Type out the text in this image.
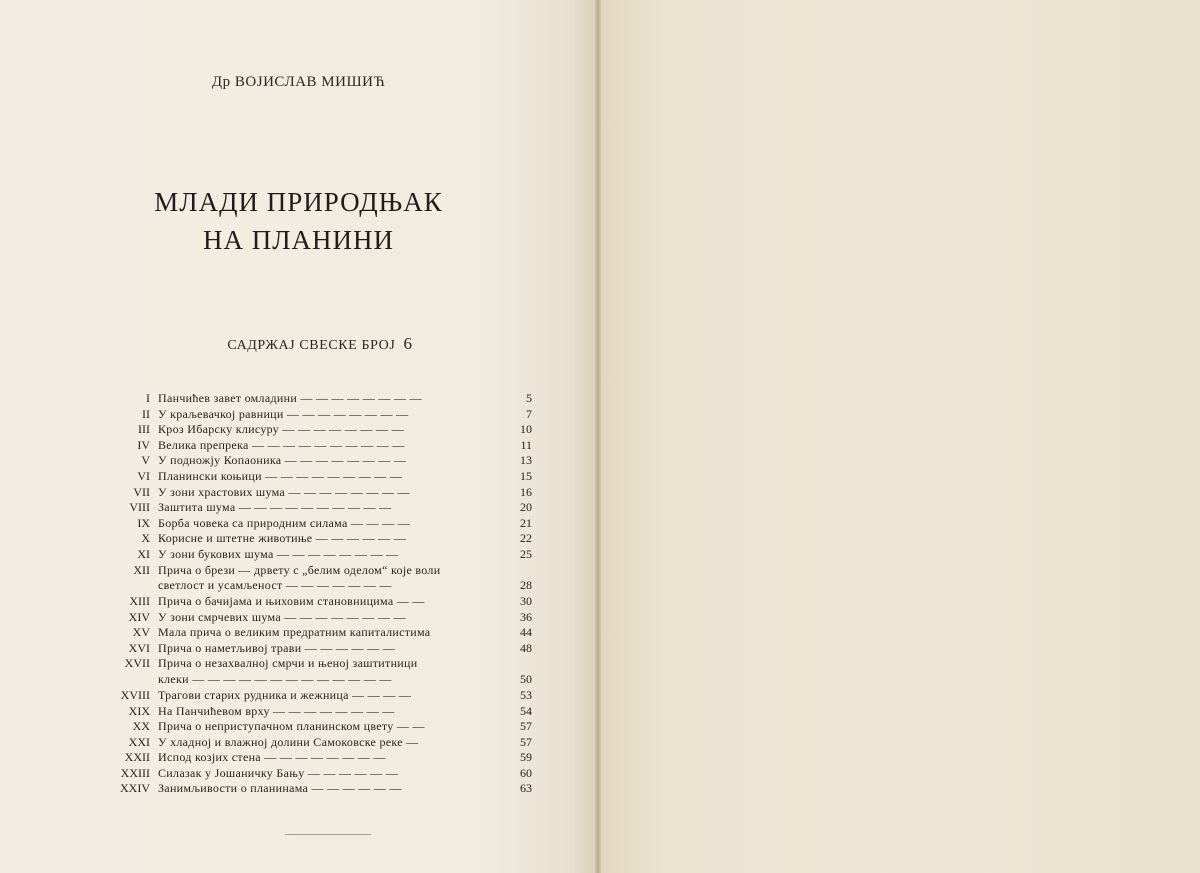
Др ВОЈИСЛАВ МИШИЋ
МЛАДИ ПРИРОДЊАК
НА ПЛАНИНИ
САДРЖАЈ СВЕСКЕ БРОЈ 6
I Панчићев завет омладини — — — — — — — —	5
II У краљевачкој равници — — — — — — — —	7
III Кроз Ибарску клисуру — — — — — — — —	10
IV Велика препрека — — — — — — — — — —	11
V У подножју Копаоника — — — — — — — —	13
VI Планински коњици — — — — — — — — —	15
VII У зони храстових шума — — — — — — — —	16
VIII Заштита шума — — — — — — — — — —	20
IX Борба човека са природним силама — — — —	21
X Корисне и штетне животиње — — — — — —	22
XI У зони букових шума — — — — — — — —	25
XII Прича о брези — дрвету с „белим оделом“ које воли
светлост и усамљеност — — — — — — —	28
XIII Прича о бачијама и њиховим становницима — —	30
XIV У зони смрчевих шума — — — — — — — —	36
XV Мала прича о великим предратним капиталистима	44
XVI Прича о наметљивој трави — — — — — —	48
XVII Прича о незахвалној смрчи и њеној заштитници
клеки — — — — — — — — — — — — —	50
XVIII Трагови старих рудника и жежница — — — —	53
XIX На Панчићевом врху — — — — — — — —	54
XX Прича о неприступачном планинском цвету — —	57
XXI У хладној и влажној долини Самоковске реке —	57
XXII Испод козјих стена — — — — — — — —	59
XXIII Силазак у Јошаничку Бању — — — — — —	60
XXIV Занимљивости о планинама — — — — — —	63
